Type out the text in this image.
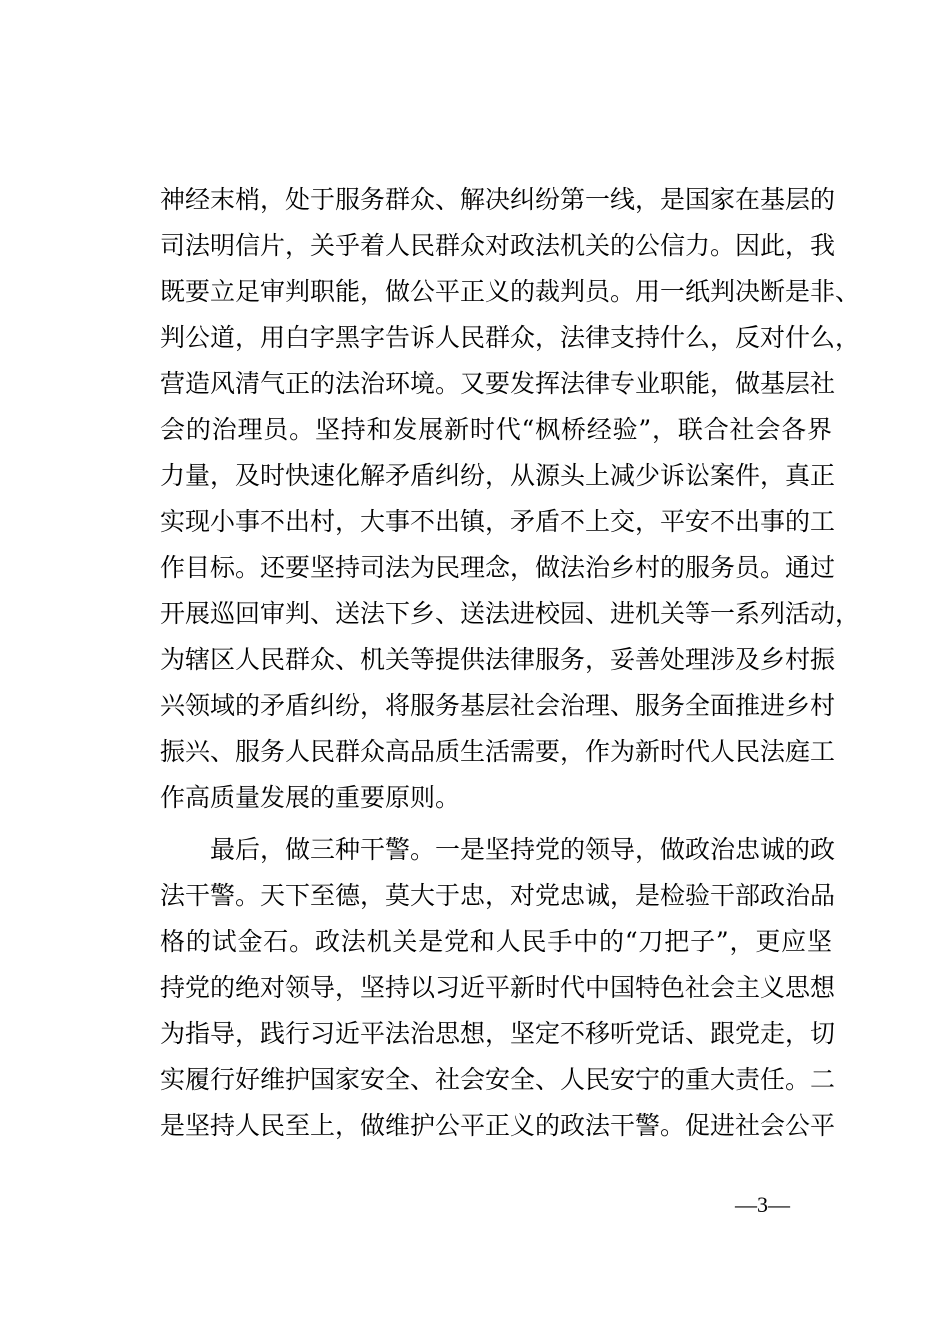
神经末梢，处于服务群众、解决纠纷第一线，是国家在基层的
司法明信片，关乎着人民群众对政法机关的公信力。因此，我
既要立足审判职能，做公平正义的裁判员。用一纸判决断是非、
判公道，用白字黑字告诉人民群众，法律支持什么，反对什么，
营造风清气正的法治环境。又要发挥法律专业职能，做基层社
会的治理员。坚持和发展新时代“枫桥经验”，联合社会各界
力量，及时快速化解矛盾纠纷，从源头上减少诉讼案件，真正
实现小事不出村，大事不出镇，矛盾不上交，平安不出事的工
作目标。还要坚持司法为民理念，做法治乡村的服务员。通过
开展巡回审判、送法下乡、送法进校园、进机关等一系列活动，
为辖区人民群众、机关等提供法律服务，妥善处理涉及乡村振
兴领域的矛盾纠纷，将服务基层社会治理、服务全面推进乡村
振兴、服务人民群众高品质生活需要，作为新时代人民法庭工
作高质量发展的重要原则。
　　最后，做三种干警。一是坚持党的领导，做政治忠诚的政
法干警。天下至德，莫大于忠，对党忠诚，是检验干部政治品
格的试金石。政法机关是党和人民手中的“刀把子”，更应坚
持党的绝对领导，坚持以习近平新时代中国特色社会主义思想
为指导，践行习近平法治思想，坚定不移听党话、跟党走，切
实履行好维护国家安全、社会安全、人民安宁的重大责任。二
是坚持人民至上，做维护公平正义的政法干警。促进社会公平
—3—
